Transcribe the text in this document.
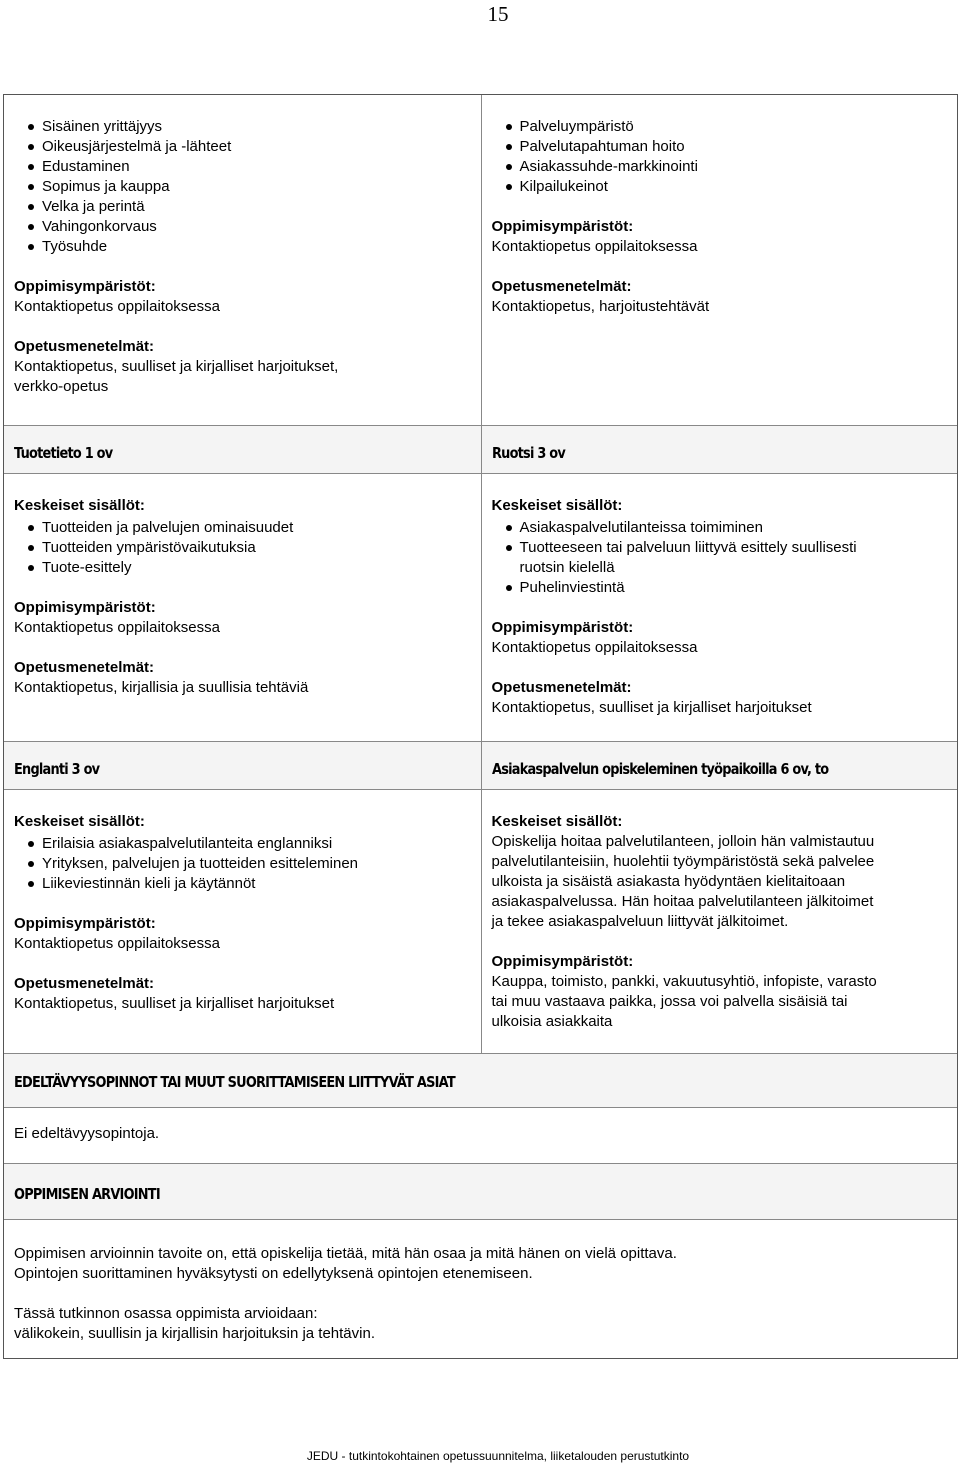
15
Sisäinen yrittäjyys
Oikeusjärjestelmä ja -lähteet
Edustaminen
Sopimus ja kauppa
Velka ja perintä
Vahingonkorvaus
Työsuhde
Oppimisympäristöt:
Kontaktiopetus oppilaitoksessa
Opetusmenetelmät:
Kontaktiopetus, suulliset ja kirjalliset harjoitukset,
verkko-opetus
Palveluympäristö
Palvelutapahtuman hoito
Asiakassuhde-markkinointi
Kilpailukeinot
Oppimisympäristöt:
Kontaktiopetus oppilaitoksessa
Opetusmenetelmät:
Kontaktiopetus, harjoitustehtävät
Tuotetieto 1 ov	Ruotsi 3 ov
Keskeiset sisällöt:
Tuotteiden ja palvelujen ominaisuudet
Tuotteiden ympäristövaikutuksia
Tuote-esittely
Oppimisympäristöt:
Kontaktiopetus oppilaitoksessa
Opetusmenetelmät:
Kontaktiopetus, kirjallisia ja suullisia tehtäviä
Keskeiset sisällöt:
Asiakaspalvelutilanteissa toimiminen
Tuotteeseen tai palveluun liittyvä esittely suullisesti
ruotsin kielellä
Puhelinviestintä
Oppimisympäristöt:
Kontaktiopetus oppilaitoksessa
Opetusmenetelmät:
Kontaktiopetus, suulliset ja kirjalliset harjoitukset
Englanti 3 ov	Asiakaspalvelun opiskeleminen työpaikoilla 6 ov, to
Keskeiset sisällöt:
Erilaisia asiakaspalvelutilanteita englanniksi
Yrityksen, palvelujen ja tuotteiden esitteleminen
Liikeviestinnän kieli ja käytännöt
Oppimisympäristöt:
Kontaktiopetus oppilaitoksessa
Opetusmenetelmät:
Kontaktiopetus, suulliset ja kirjalliset harjoitukset
Keskeiset sisällöt:
Opiskelija hoitaa palvelutilanteen, jolloin hän valmistautuu
palvelutilanteisiin, huolehtii työympäristöstä sekä palvelee
ulkoista ja sisäistä asiakasta hyödyntäen kielitaitoaan
asiakaspalvelussa. Hän hoitaa palvelutilanteen jälkitoimet
ja tekee asiakaspalveluun liittyvät jälkitoimet.
Oppimisympäristöt:
Kauppa, toimisto, pankki, vakuutusyhtiö, infopiste, varasto
tai muu vastaava paikka, jossa voi palvella sisäisiä tai
ulkoisia asiakkaita
EDELTÄVYYSOPINNOT TAI MUUT SUORITTAMISEEN LIITTYVÄT ASIAT
Ei edeltävyysopintoja.
OPPIMISEN ARVIOINTI
Oppimisen arvioinnin tavoite on, että opiskelija tietää, mitä hän osaa ja mitä hänen on vielä opittava.
Opintojen suorittaminen hyväksytysti on edellytyksenä opintojen etenemiseen.
Tässä tutkinnon osassa oppimista arvioidaan:
välikokein, suullisin ja kirjallisin harjoituksin ja tehtävin.
JEDU - tutkintokohtainen opetussuunnitelma, liiketalouden perustutkinto
